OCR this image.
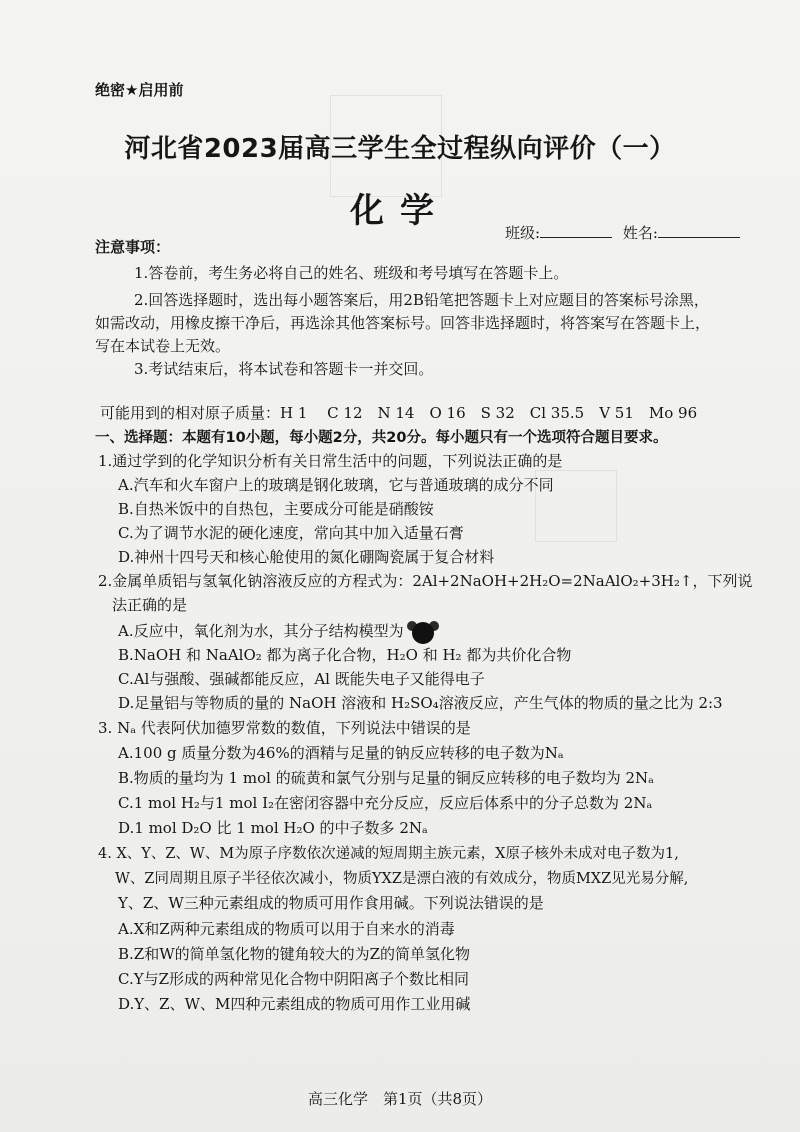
绝密★启用前
河北省2023届高三学生全过程纵向评价（一）
化学
班级:	姓名:
注意事项：
1.答卷前，考生务必将自己的姓名、班级和考号填写在答题卡上。
2.回答选择题时，选出每小题答案后，用2B铅笔把答题卡上对应题目的答案标号涂黑，
如需改动，用橡皮擦干净后，再选涂其他答案标号。回答非选择题时，将答案写在答题卡上，
写在本试卷上无效。
3.考试结束后，将本试卷和答题卡一并交回。
可能用到的相对原子质量：H 1　 C 12　N 14　O 16　S 32　Cl 35.5　V 51　Mo 96
一、选择题：本题有10小题，每小题2分，共20分。每小题只有一个选项符合题目要求。
1.通过学到的化学知识分析有关日常生活中的问题，下列说法正确的是
A.汽车和火车窗户上的玻璃是钢化玻璃，它与普通玻璃的成分不同
B.自热米饭中的自热包，主要成分可能是硝酸铵
C.为了调节水泥的硬化速度，常向其中加入适量石膏
D.神州十四号天和核心舱使用的氮化硼陶瓷属于复合材料
2.金属单质铝与氢氧化钠溶液反应的方程式为：2Al+2NaOH+2H₂O=2NaAlO₂+3H₂↑，下列说
法正确的是
A.反应中，氧化剂为水，其分子结构模型为
B.NaOH 和 NaAlO₂ 都为离子化合物，H₂O 和 H₂ 都为共价化合物
C.Al与强酸、强碱都能反应，Al 既能失电子又能得电子
D.足量铝与等物质的量的 NaOH 溶液和 H₂SO₄溶液反应，产生气体的物质的量之比为 2:3
3. Nₐ 代表阿伏加德罗常数的数值，下列说法中错误的是
A.100 g 质量分数为46%的酒精与足量的钠反应转移的电子数为Nₐ
B.物质的量均为 1 mol 的硫黄和氯气分别与足量的铜反应转移的电子数均为 2Nₐ
C.1 mol H₂与1 mol I₂在密闭容器中充分反应，反应后体系中的分子总数为 2Nₐ
D.1 mol D₂O 比 1 mol H₂O 的中子数多 2Nₐ
4. X、Y、Z、W、M为原子序数依次递减的短周期主族元素，X原子核外未成对电子数为1,
W、Z同周期且原子半径依次减小，物质YXZ是漂白液的有效成分，物质MXZ见光易分解,
Y、Z、W三种元素组成的物质可用作食用碱。下列说法错误的是
A.X和Z两种元素组成的物质可以用于自来水的消毒
B.Z和W的简单氢化物的键角较大的为Z的简单氢化物
C.Y与Z形成的两种常见化合物中阴阳离子个数比相同
D.Y、Z、W、M四种元素组成的物质可用作工业用碱
高三化学　第1页（共8页）
